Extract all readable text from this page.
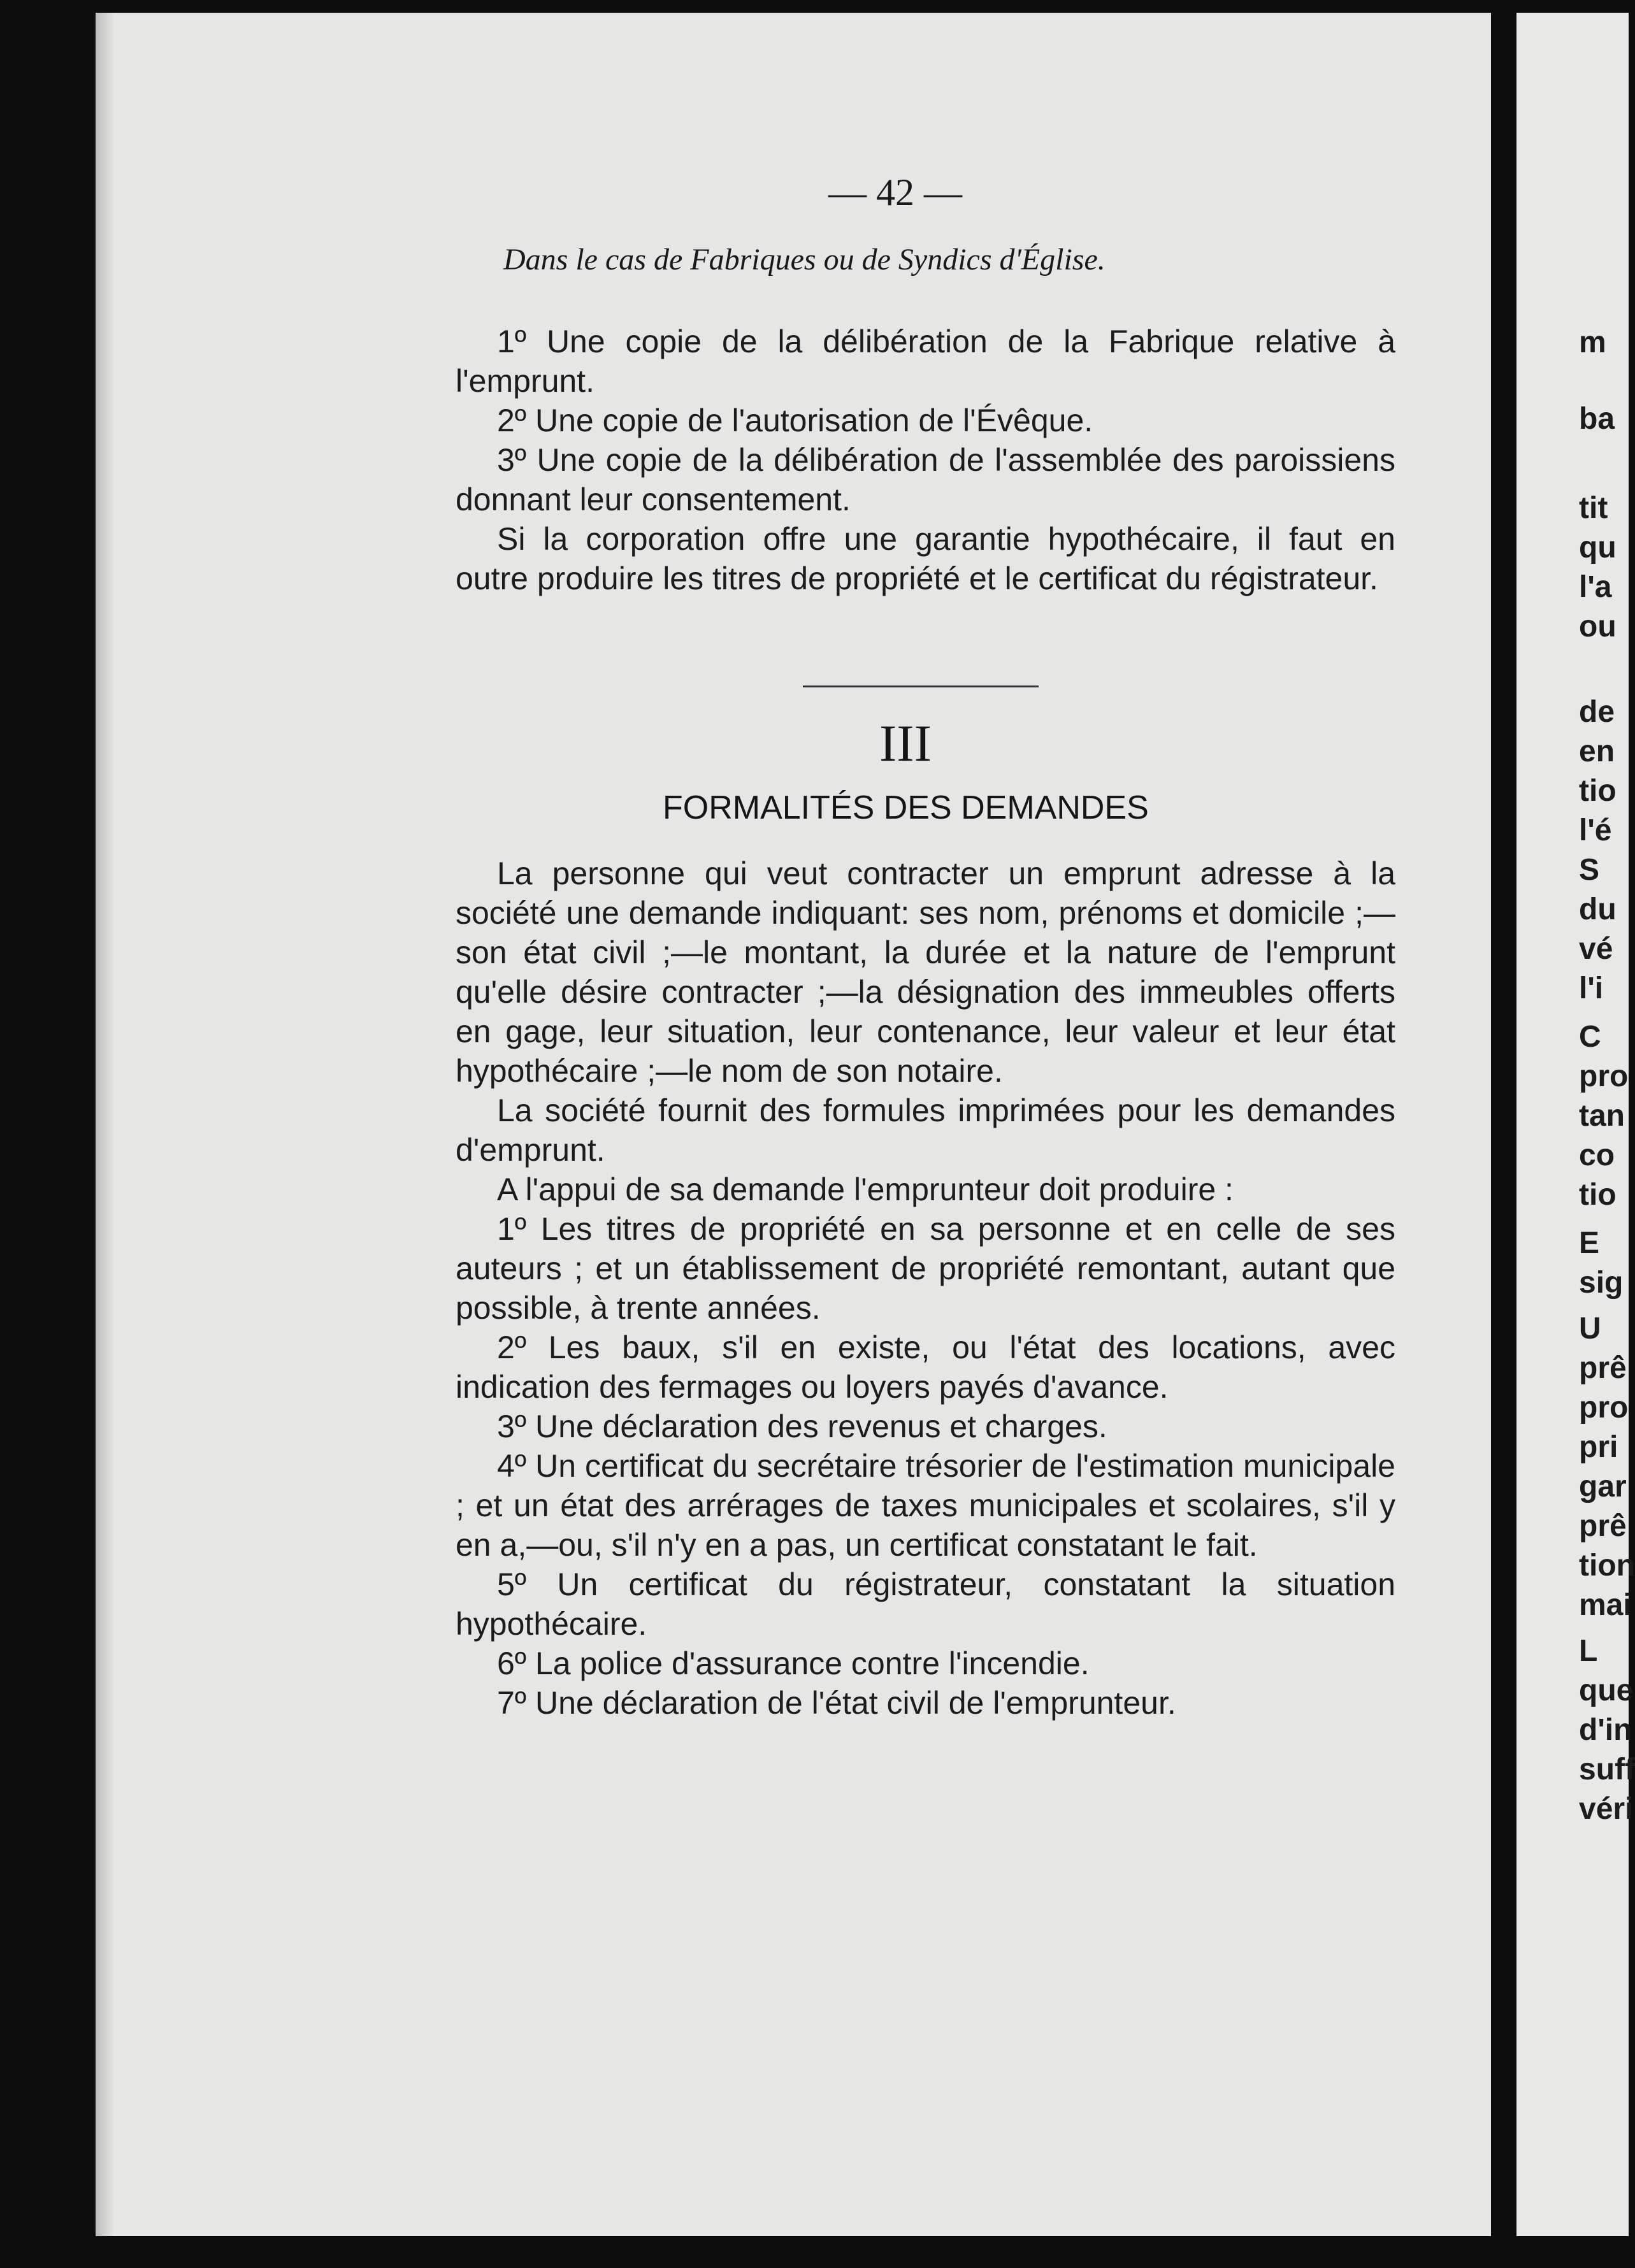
— 42 —
Dans le cas de Fabriques ou de Syndics d'Église.

1º Une copie de la délibération de la Fabrique relative à l'emprunt.

2º Une copie de l'autorisation de l'Évêque.

3º Une copie de la délibération de l'assemblée des paroissiens donnant leur consentement.

Si la corporation offre une garantie hypothécaire, il faut en outre produire les titres de propriété et le certificat du régistrateur.

III
FORMALITÉS DES DEMANDES

La personne qui veut contracter un emprunt adresse à la société une demande indiquant: ses nom, prénoms et domicile ;—son état civil ;—le montant, la durée et la nature de l'emprunt qu'elle désire contracter ;—la désignation des immeubles offerts en gage, leur situation, leur contenance, leur valeur et leur état hypothécaire ;—le nom de son notaire.

La société fournit des formules imprimées pour les demandes d'emprunt.

A l'appui de sa demande l'emprunteur doit produire :

1º Les titres de propriété en sa personne et en celle de ses auteurs ; et un établissement de propriété remontant, autant que possible, à trente années.

2º Les baux, s'il en existe, ou l'état des locations, avec indication des fermages ou loyers payés d'avance.

3º Une déclaration des revenus et charges.

4º Un certificat du secrétaire trésorier de l'estimation municipale ; et un état des arrérages de taxes municipales et scolaires, s'il y en a,—ou, s'il n'y en a pas, un certificat constatant le fait.

5º Un certificat du régistrateur, constatant la situation hypothécaire.

6º La police d'assurance contre l'incendie.

7º Une déclaration de l'état civil de l'emprunteur.

m
ba
tit
qu
l'a
ou
de
en
tio
l'é
S
du
vé
l'i
C
pro
tan
co
tio
E
sig
U
prê
pro
pri
gar
prê
tion
mai
L
que
d'in
suff
véri
